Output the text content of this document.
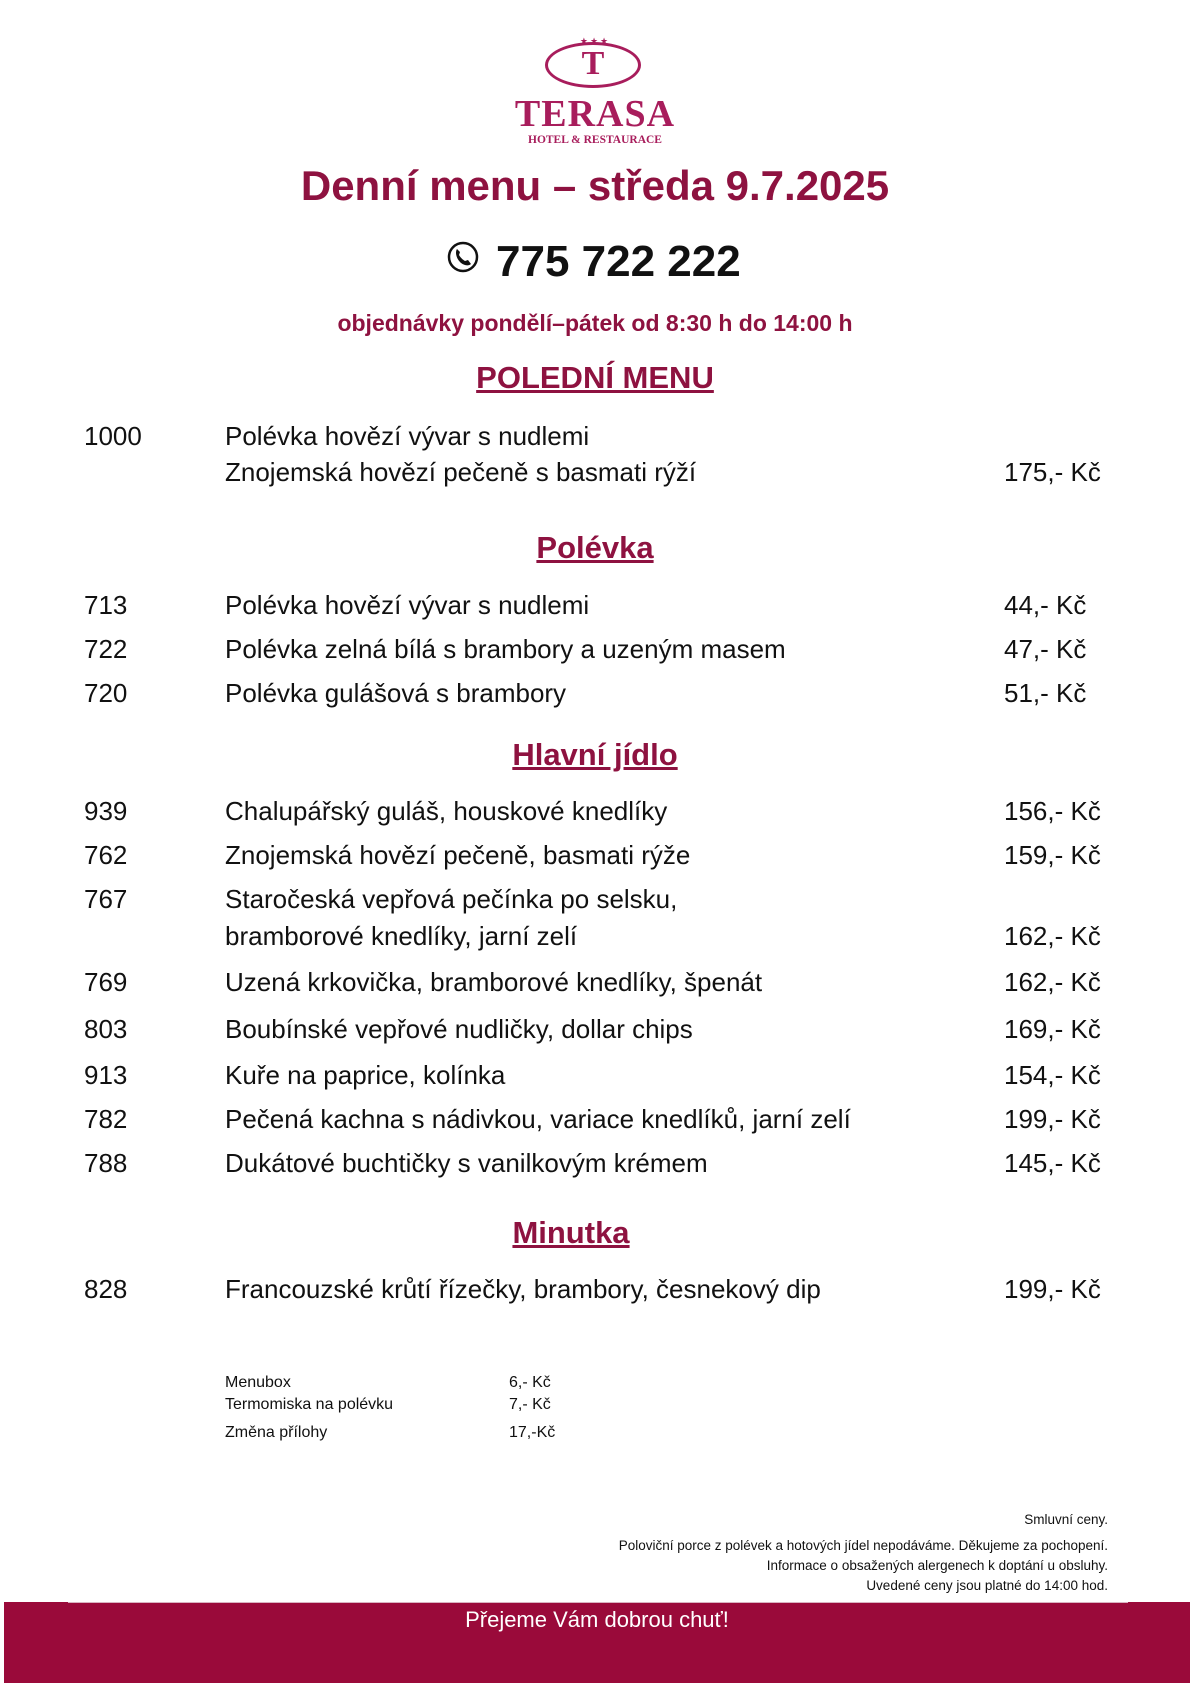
★★★
T
TERASA
HOTEL & RESTAURACE
Denní menu – středa 9.7.2025
775 722 222
objednávky pondělí–pátek od 8:30 h do 14:00 h
POLEDNÍ MENU
1000	Polévka hovězí vývar s nudlemi
Znojemská hovězí pečeně s basmati rýží	175,- Kč
Polévka
713	Polévka hovězí vývar s nudlemi	44,- Kč
722	Polévka zelná bílá s brambory a uzeným masem	47,- Kč
720	Polévka gulášová s brambory	51,- Kč
Hlavní jídlo
939	Chalupářský guláš, houskové knedlíky	156,- Kč
762	Znojemská hovězí pečeně, basmati rýže	159,- Kč
767	Staročeská vepřová pečínka po selsku,
bramborové knedlíky, jarní zelí	162,- Kč
769	Uzená krkovička, bramborové knedlíky, špenát	162,- Kč
803	Boubínské vepřové nudličky, dollar chips	169,- Kč
913	Kuře na paprice, kolínka	154,- Kč
782	Pečená kachna s nádivkou, variace knedlíků, jarní zelí	199,- Kč
788	Dukátové buchtičky s vanilkovým krémem	145,- Kč
Minutka
828	Francouzské krůtí řízečky, brambory, česnekový dip	199,- Kč
Menubox	6,- Kč
Termomiska na polévku	7,- Kč
Změna přílohy	17,-Kč
Smluvní ceny.
Poloviční porce z polévek a hotových jídel nepodáváme. Děkujeme za pochopení.
Informace o obsažených alergenech k doptání u obsluhy.
Uvedené ceny jsou platné do 14:00 hod.
Přejeme Vám dobrou chuť!
